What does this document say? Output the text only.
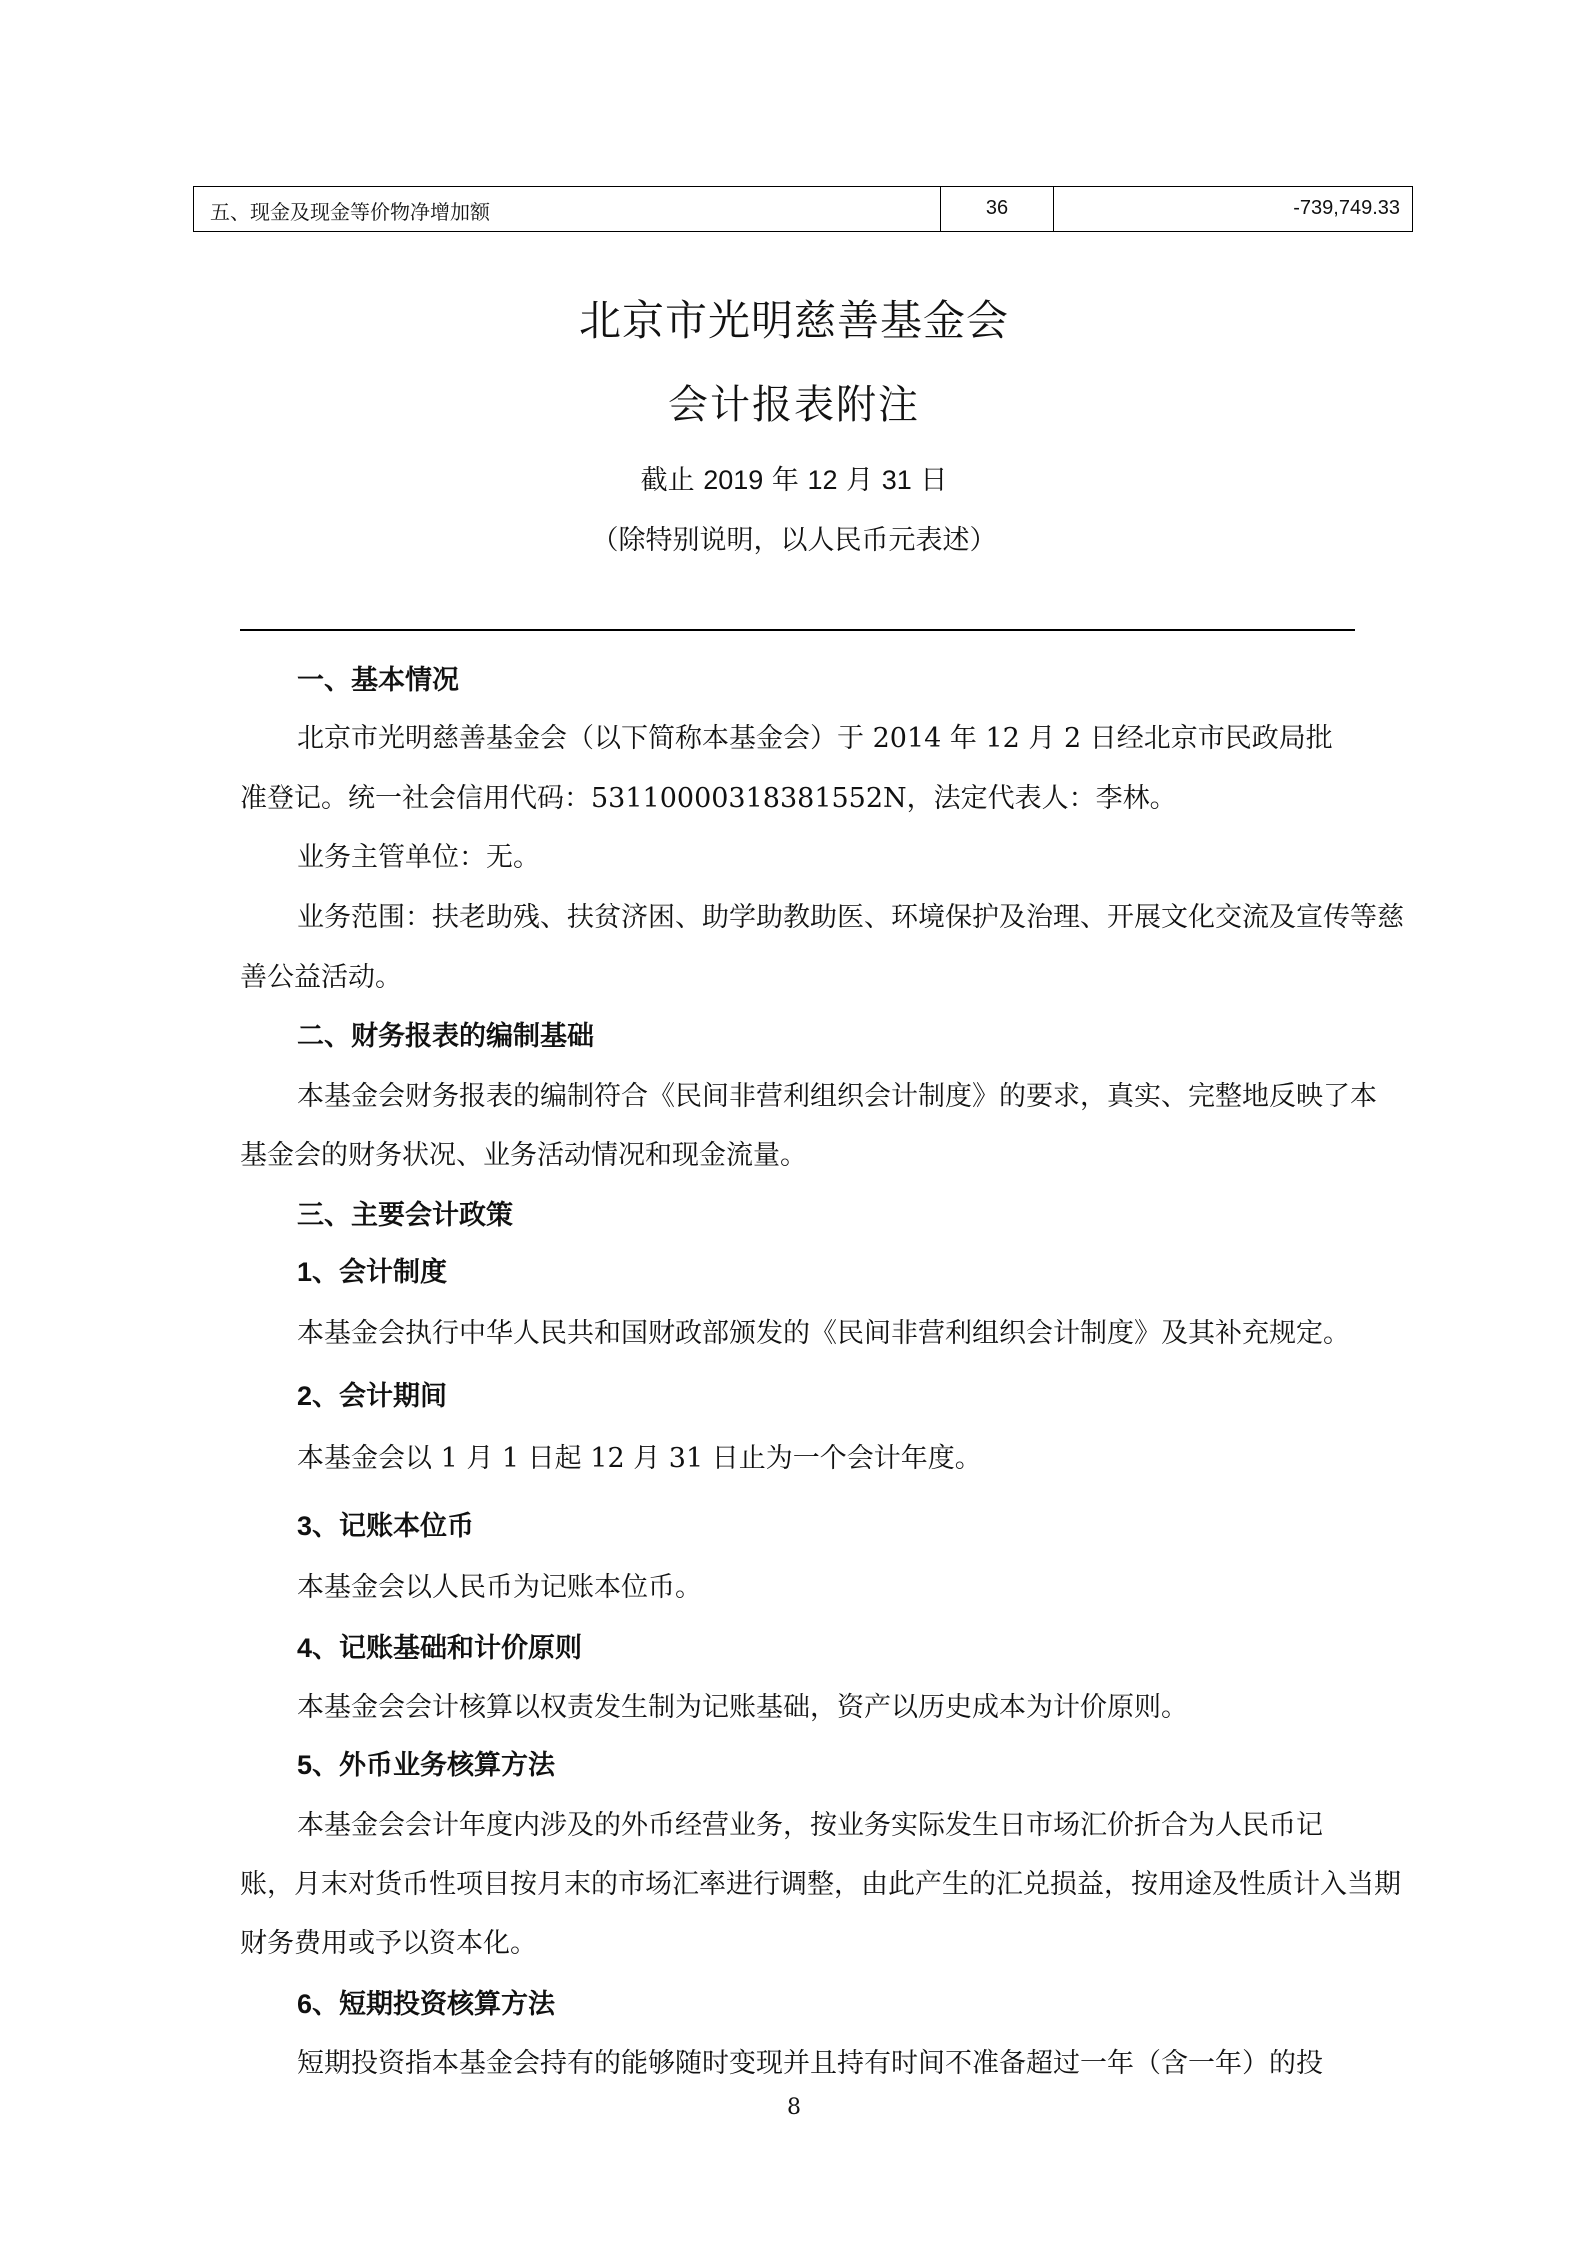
五、现金及现金等价物净增加额	36	-739,749.33
北京市光明慈善基金会
会计报表附注
截止 2019 年 12 月 31 日
（除特别说明，以人民币元表述）
一、基本情况
北京市光明慈善基金会（以下简称本基金会）于 2014 年 12 月 2 日经北京市民政局批
准登记。统一社会信用代码：53110000318381552N，法定代表人：李林。
业务主管单位：无。
业务范围：扶老助残、扶贫济困、助学助教助医、环境保护及治理、开展文化交流及宣传等慈
善公益活动。
二、财务报表的编制基础
本基金会财务报表的编制符合《民间非营利组织会计制度》的要求，真实、完整地反映了本
基金会的财务状况、业务活动情况和现金流量。
三、主要会计政策
1、会计制度
本基金会执行中华人民共和国财政部颁发的《民间非营利组织会计制度》及其补充规定。
2、会计期间
本基金会以 1 月 1 日起 12 月 31 日止为一个会计年度。
3、记账本位币
本基金会以人民币为记账本位币。
4、记账基础和计价原则
本基金会会计核算以权责发生制为记账基础，资产以历史成本为计价原则。
5、外币业务核算方法
本基金会会计年度内涉及的外币经营业务，按业务实际发生日市场汇价折合为人民币记
账，月末对货币性项目按月末的市场汇率进行调整，由此产生的汇兑损益，按用途及性质计入当期
财务费用或予以资本化。
6、短期投资核算方法
短期投资指本基金会持有的能够随时变现并且持有时间不准备超过一年（含一年）的投
8
